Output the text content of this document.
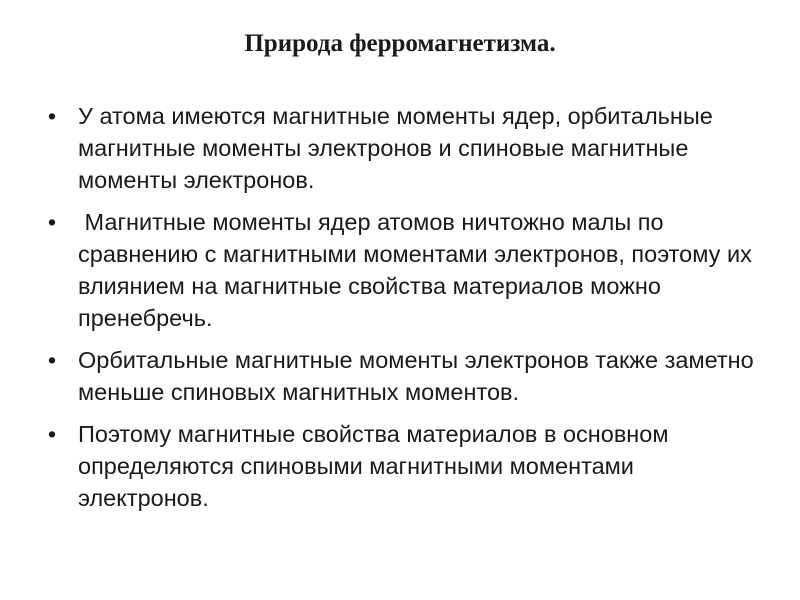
Природа ферромагнетизма.
• У атома имеются магнитные моменты ядер, орбитальные магнитные моменты электронов и спиновые магнитные моменты электронов.
• Магнитные моменты ядер атомов ничтожно малы по сравнению с магнитными моментами электронов, поэтому их влиянием на магнитные свойства материалов можно пренебречь.
• Орбитальные магнитные моменты электронов также заметно меньше спиновых магнитных моментов.
• Поэтому магнитные свойства материалов в основном определяются спиновыми магнитными моментами электронов.
